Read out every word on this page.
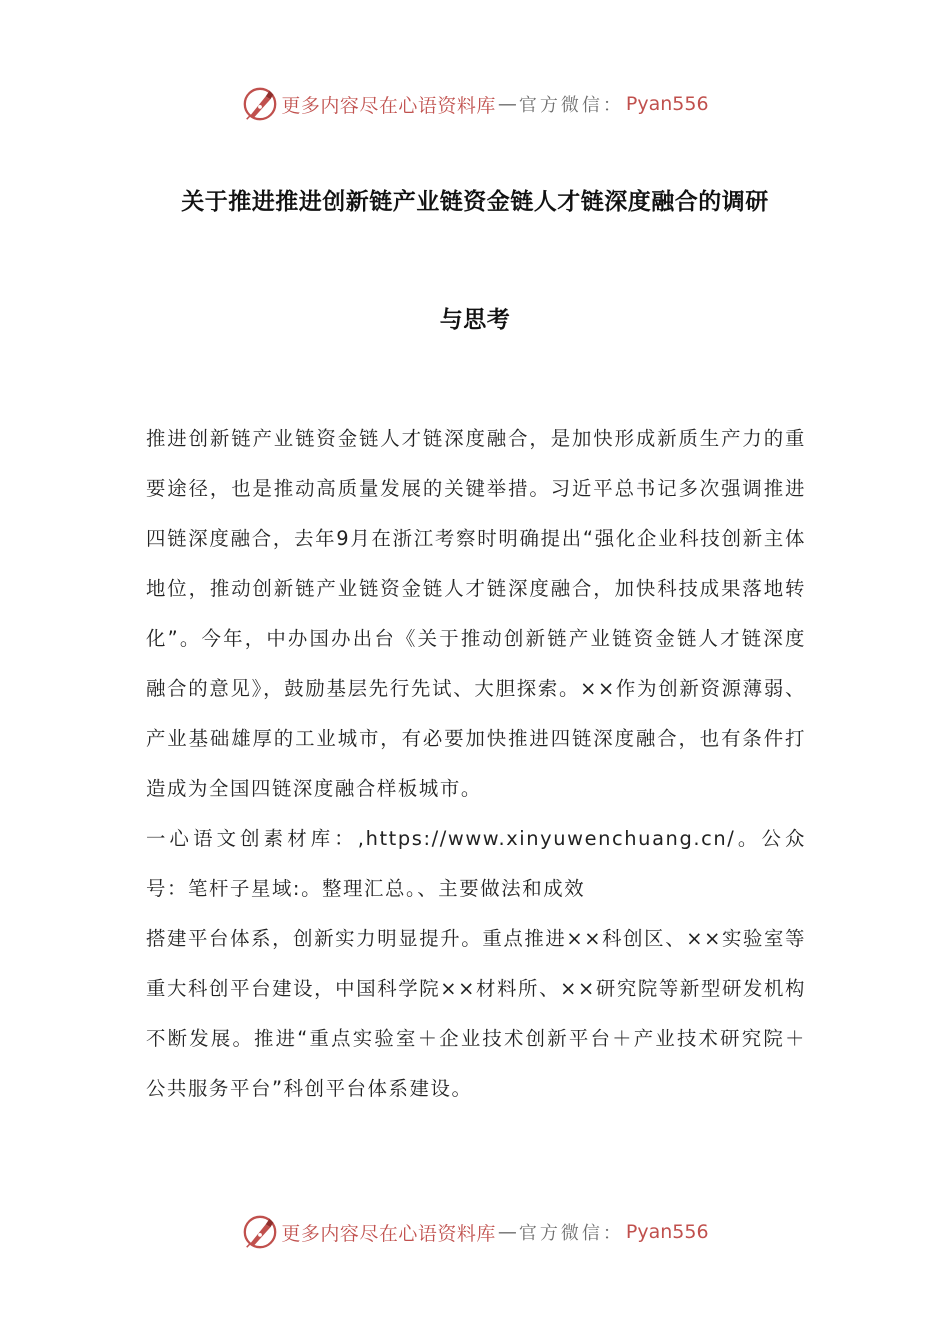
更多内容尽在心语资料库 — 官方微信： Pyan556
关于推进推进创新链产业链资金链人才链深度融合的调研
与思考

推进创新链产业链资金链人才链深度融合，是加快形成新质生产力的重要途径，也是推动高质量发展的关键举措。习近平总书记多次强调推进四链深度融合，去年9月在浙江考察时明确提出“强化企业科技创新主体地位，推动创新链产业链资金链人才链深度融合，加快科技成果落地转化”。今年，中办国办出台《关于推动创新链产业链资金链人才链深度融合的意见》，鼓励基层先行先试、大胆探索。××作为创新资源薄弱、产业基础雄厚的工业城市，有必要加快推进四链深度融合，也有条件打造成为全国四链深度融合样板城市。

一心语文创素材库：,https://www.xinyuwenchuang.cn/。公众号：笔杆子星域:。整理汇总。、主要做法和成效

搭建平台体系，创新实力明显提升。重点推进××科创区、××实验室等重大科创平台建设，中国科学院××材料所、××研究院等新型研发机构不断发展。推进“重点实验室＋企业技术创新平台＋产业技术研究院＋公共服务平台”科创平台体系建设。

更多内容尽在心语资料库 — 官方微信： Pyan556
